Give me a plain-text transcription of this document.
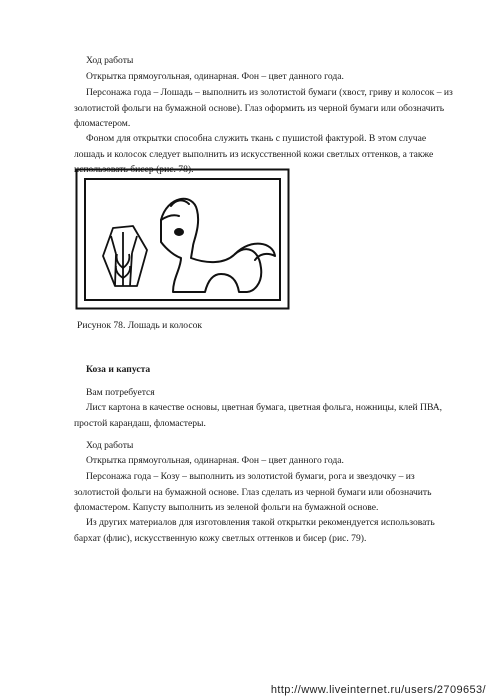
Ход работы

Открытка прямоугольная, одинарная. Фон – цвет данного года.

Персонажа года – Лошадь – выполнить из золотистой бумаги (хвост, гриву и колосок – из золотистой фольги на бумажной основе). Глаз оформить из черной бумаги или обозначить фломастером.

Фоном для открытки способна служить ткань с пушистой фактурой. В этом случае лошадь и колосок следует выполнить из искусственной кожи светлых оттенков, а также использовать бисер (рис. 78).

Рисунок 78. Лошадь и колосок

Коза и капуста

Вам потребуется

Лист картона в качестве основы, цветная бумага, цветная фольга, ножницы, клей ПВА, простой карандаш, фломастеры.

Ход работы

Открытка прямоугольная, одинарная. Фон – цвет данного года.

Персонажа года – Козу – выполнить из золотистой бумаги, рога и звездочку – из золотистой фольги на бумажной основе. Глаз сделать из черной бумаги или обозначить фломастером. Капусту выполнить из зеленой фольги на бумажной основе.

Из других материалов для изготовления такой открытки рекомендуется использовать бархат (флис), искусственную кожу светлых оттенков и бисер (рис. 79).

http://www.liveinternet.ru/users/2709653/
